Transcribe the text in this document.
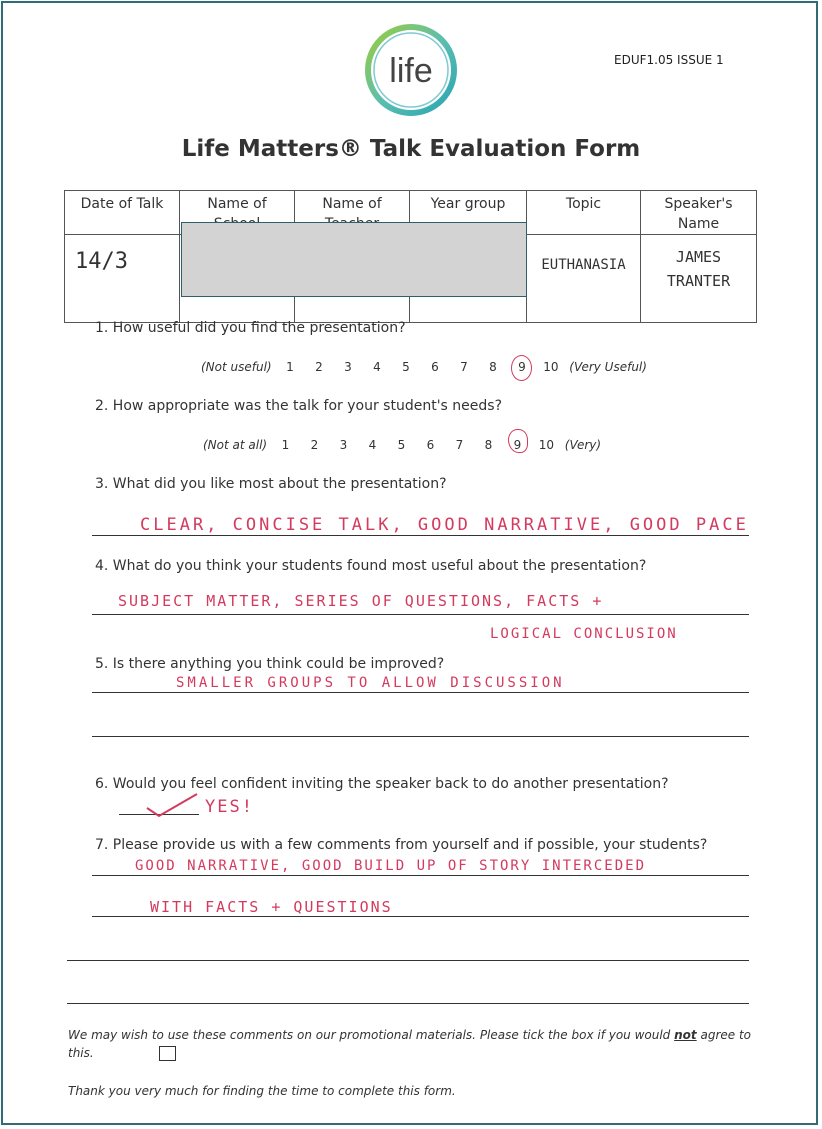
life	EDUF1.05 ISSUE 1
Life Matters® Talk Evaluation Form
Date of Talk	Name of	Name of	Year group	Topic	Speaker's Name
14/3				EUTHANASIA	JAMES
TRANTER
1. How useful did you find the presentation?
(Not useful) 1 2 3 4 5 6 7 8 9 10 (Very Useful)
2. How appropriate was the talk for your student's needs?
(Not at all) 1 2 3 4 5 6 7 8 9 10 (Very)
3. What did you like most about the presentation?
CLEAR, CONCISE TALK, GOOD NARRATIVE, GOOD PACE
4. What do you think your students found most useful about the presentation?
SUBJECT MATTER, SERIES OF QUESTIONS, FACTS +
LOGICAL CONCLUSION
5. Is there anything you think could be improved?
SMALLER GROUPS TO ALLOW DISCUSSION
6. Would you feel confident inviting the speaker back to do another presentation?
YES!
7. Please provide us with a few comments from yourself and if possible, your students?
GOOD NARRATIVE, GOOD BUILD UP OF STORY INTERCEDED
WITH FACTS + QUESTIONS
We may wish to use these comments on our promotional materials. Please tick the box if you would not agree to
this.
Thank you very much for finding the time to complete this form.
